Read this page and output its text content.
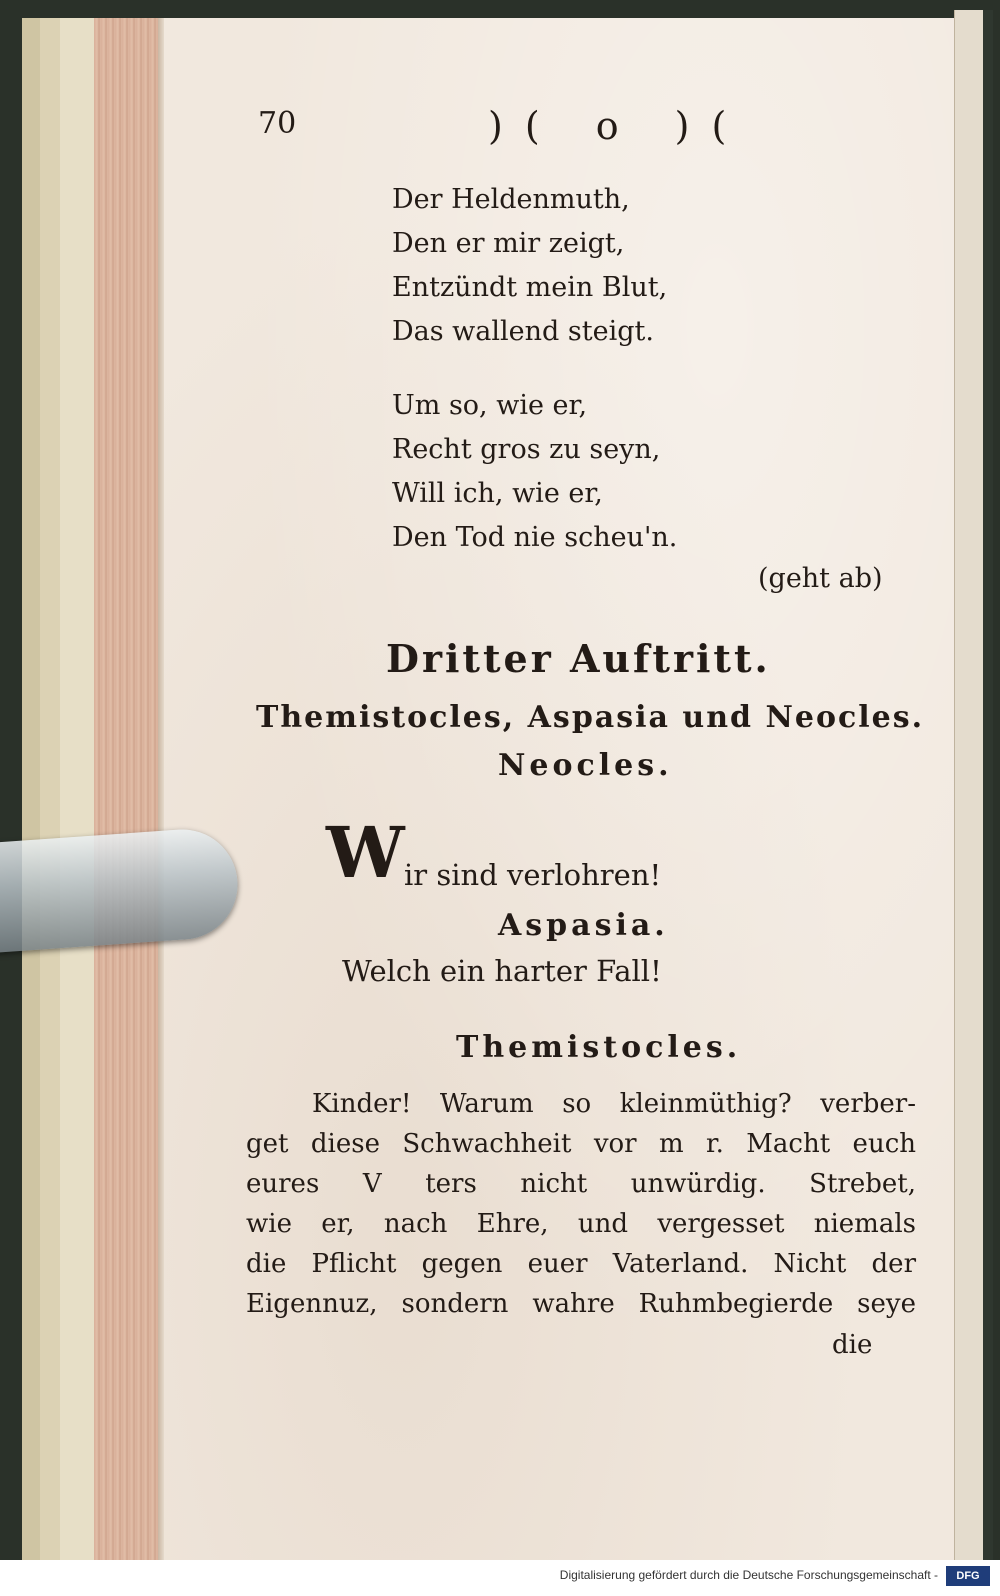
70	)( o )(
Der Heldenmuth,
Den er mir zeigt,
Entzündt mein Blut,
Das wallend steigt.
Um so, wie er,
Recht gros zu seyn,
Will ich, wie er,
Den Tod nie scheu'n.
(geht ab)
Dritter Auftritt.
Themistocles, Aspasia und Neocles.
Neocles.
W ir sind verlohren!
Aspasia.
Welch ein harter Fall!
Themistocles.
Kinder! Warum so kleinmüthig? verber-
get diese Schwachheit vor m r. Macht euch
eures V ters nicht unwürdig. Strebet,
wie er, nach Ehre, und vergesset niemals
die Pflicht gegen euer Vaterland. Nicht der
Eigennuz, sondern wahre Ruhmbegierde seye
die
Digitalisierung gefördert durch die Deutsche Forschungsgemeinschaft -	DFG
